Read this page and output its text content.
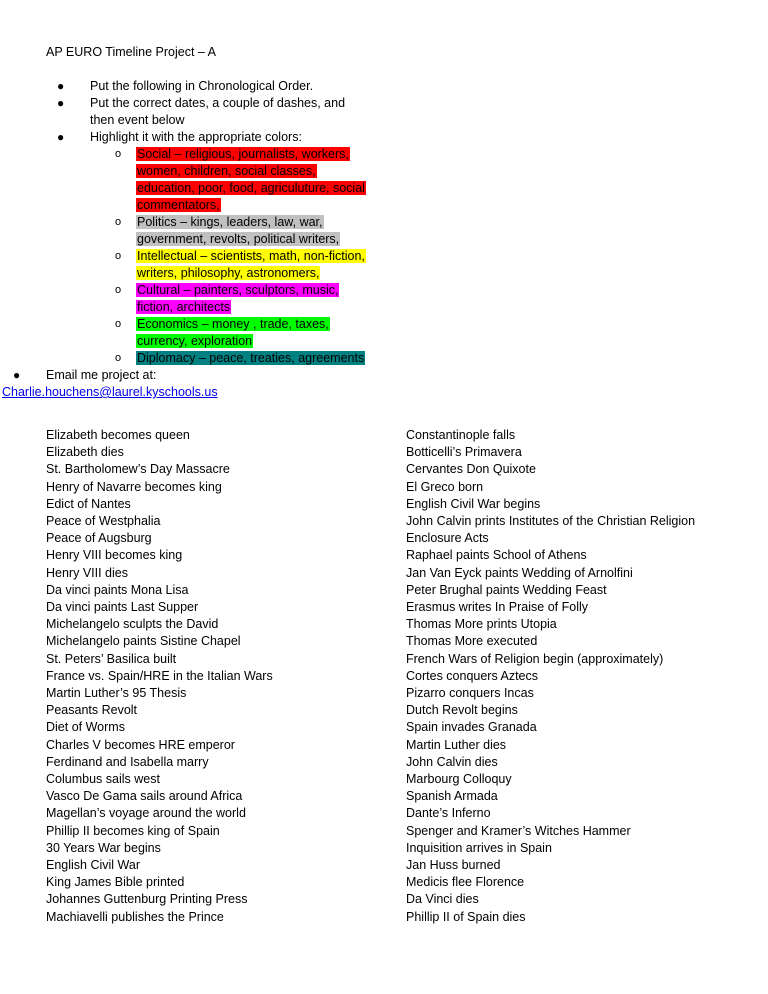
AP EURO Timeline Project – A
● Put the following in Chronological Order.
● Put the correct dates, a couple of dashes, and then event below
● Highlight it with the appropriate colors:
o Social – religious, journalists, workers, women, children, social classes, education, poor, food, agriculuture, social commentators,
o Politics – kings, leaders, law, war, government, revolts, political writers,
o Intellectual – scientists, math, non-fiction, writers, philosophy, astronomers,
o Cultural – painters, sculptors, music, fiction, architects
o Economics – money , trade, taxes, currency, exploration
o Diplomacy – peace, treaties, agreements
● Email me project at:
Charlie.houchens@laurel.kyschools.us
Elizabeth becomes queen
Elizabeth dies
St. Bartholomew’s Day Massacre
Henry of Navarre becomes king
Edict of Nantes
Peace of Westphalia
Peace of Augsburg
Henry VIII becomes king
Henry VIII dies
Da vinci paints Mona Lisa
Da vinci paints Last Supper
Michelangelo sculpts the David
Michelangelo paints Sistine Chapel
St. Peters’ Basilica built
France vs. Spain/HRE in the Italian Wars
Martin Luther’s 95 Thesis
Peasants Revolt
Diet of Worms
Charles V becomes HRE emperor
Ferdinand and Isabella marry
Columbus sails west
Vasco De Gama sails around Africa
Magellan’s voyage around the world
Phillip II becomes king of Spain
30 Years War begins
English Civil War
King James Bible printed
Johannes Guttenburg Printing Press
Machiavelli publishes the Prince
Constantinople falls
Botticelli’s Primavera
Cervantes Don Quixote
El Greco born
English Civil War begins
John Calvin prints Institutes of the Christian Religion
Enclosure Acts
Raphael paints School of Athens
Jan Van Eyck paints Wedding of Arnolfini
Peter Brughal paints Wedding Feast
Erasmus writes In Praise of Folly
Thomas More prints Utopia
Thomas More executed
French Wars of Religion begin (approximately)
Cortes conquers Aztecs
Pizarro conquers Incas
Dutch Revolt begins
Spain invades Granada
Martin Luther dies
John Calvin dies
Marbourg Colloquy
Spanish Armada
Dante’s Inferno
Spenger and Kramer’s Witches Hammer
Inquisition arrives in Spain
Jan Huss burned
Medicis flee Florence
Da Vinci dies
Phillip II of Spain dies
